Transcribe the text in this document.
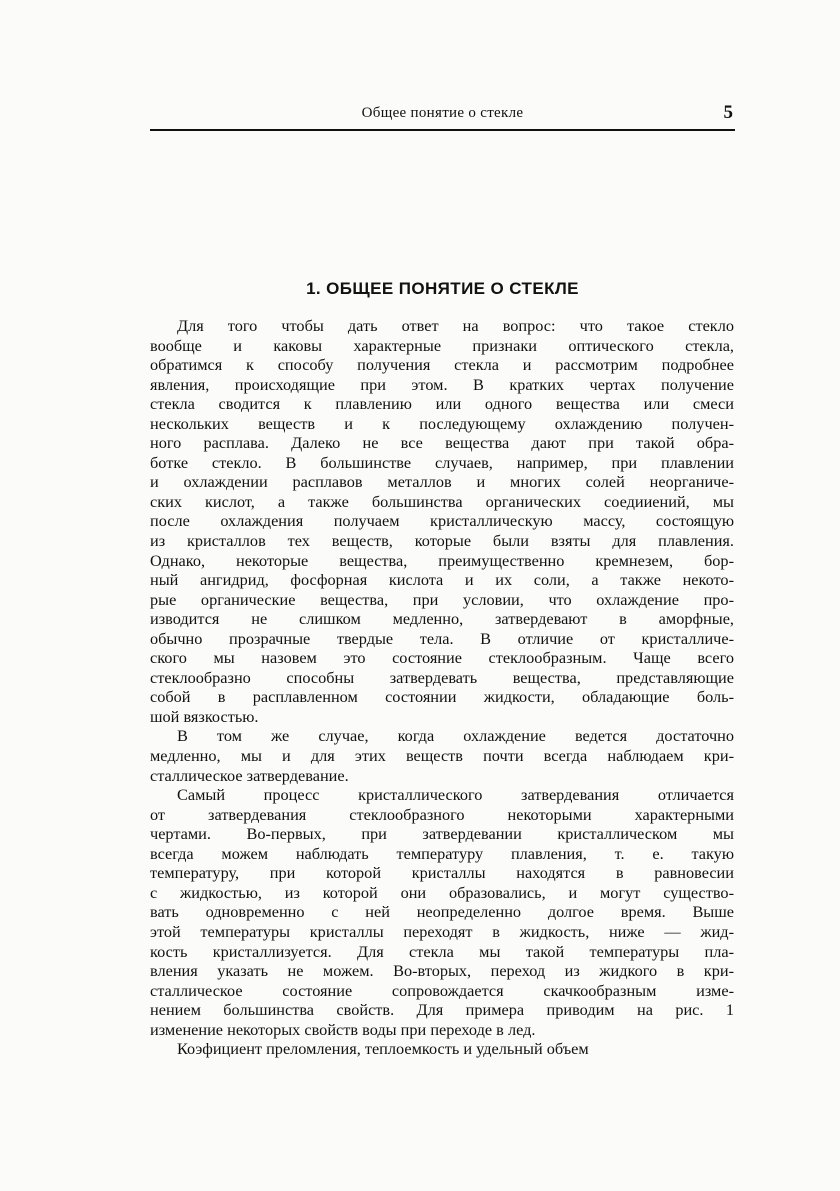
Общее понятие о стекле	5
1. ОБЩЕЕ ПОНЯТИЕ О СТЕКЛЕ
Для того чтобы дать ответ на вопрос: что такое стекло
вообще и каковы характерные признаки оптического стекла,
обратимся к способу получения стекла и рассмотрим подробнее
явления, происходящие при этом. В кратких чертах получение
стекла сводится к плавлению или одного вещества или смеси
нескольких веществ и к последующему охлаждению получен-
ного расплава. Далеко не все вещества дают при такой обра-
ботке стекло. В большинстве случаев, например, при плавлении
и охлаждении расплавов металлов и многих солей неорганиче-
ских кислот, а также большинства органических соедииений, мы
после охлаждения получаем кристаллическую массу, состоящую
из кристаллов тех веществ, которые были взяты для плавления.
Однако, некоторые вещества, преимущественно кремнезем, бор-
ный ангидрид, фосфорная кислота и их соли, а также некото-
рые органические вещества, при условии, что охлаждение про-
изводится не слишком медленно, затвердевают в аморфные,
обычно прозрачные твердые тела. В отличие от кристалличе-
ского мы назовем это состояние стеклообразным. Чаще всего
стеклообразно способны затвердевать вещества, представляющие
собой в расплавленном состоянии жидкости, обладающие боль-
шой вязкостью.
В том же случае, когда охлаждение ведется достаточно
медленно, мы и для этих веществ почти всегда наблюдаем кри-
сталлическое затвердевание.
Самый процесс кристаллического затвердевания отличается
от затвердевания стеклообразного некоторыми характерными
чертами. Во-первых, при затвердевании кристаллическом мы
всегда можем наблюдать температуру плавления, т. е. такую
температуру, при которой кристаллы находятся в равновесии
с жидкостью, из которой они образовались, и могут существо-
вать одновременно с ней неопределенно долгое время. Выше
этой температуры кристаллы переходят в жидкость, ниже — жид-
кость кристаллизуется. Для стекла мы такой температуры пла-
вления указать не можем. Во-вторых, переход из жидкого в кри-
сталлическое состояние сопровождается скачкообразным изме-
нением большинства свойств. Для примера приводим на рис. 1
изменение некоторых свойств воды при переходе в лед.
Коэфициент преломления, теплоемкость и удельный объем
